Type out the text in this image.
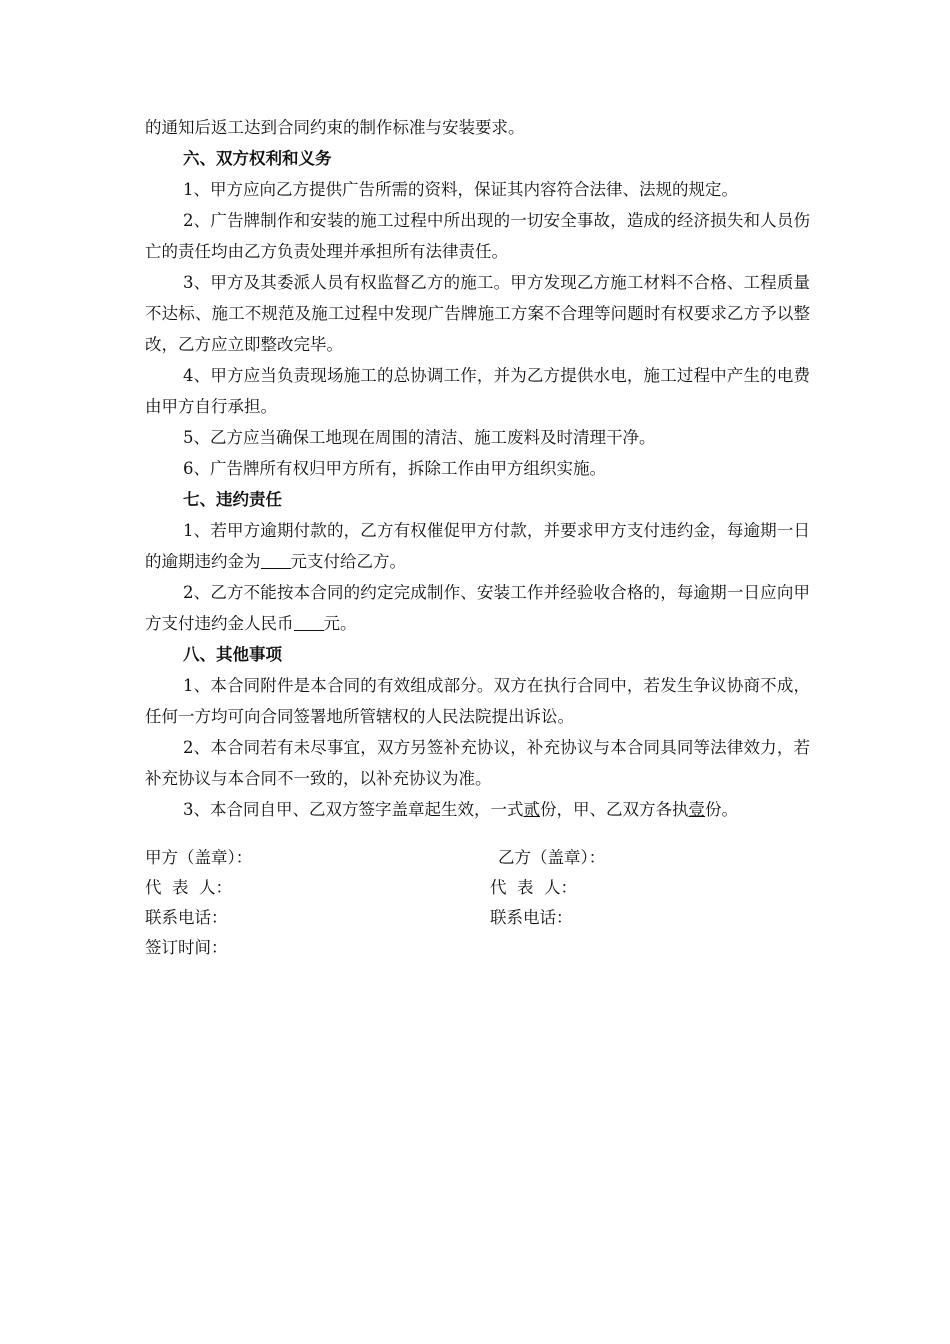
的通知后返工达到合同约束的制作标准与安装要求。

六、双方权利和义务

1、甲方应向乙方提供广告所需的资料，保证其内容符合法律、法规的规定。

2、广告牌制作和安装的施工过程中所出现的一切安全事故，造成的经济损失和人员伤亡的责任均由乙方负责处理并承担所有法律责任。

3、甲方及其委派人员有权监督乙方的施工。甲方发现乙方施工材料不合格、工程质量不达标、施工不规范及施工过程中发现广告牌施工方案不合理等问题时有权要求乙方予以整改，乙方应立即整改完毕。

4、甲方应当负责现场施工的总协调工作，并为乙方提供水电，施工过程中产生的电费由甲方自行承担。

5、乙方应当确保工地现在周围的清洁、施工废料及时清理干净。

6、广告牌所有权归甲方所有，拆除工作由甲方组织实施。

七、违约责任

1、若甲方逾期付款的，乙方有权催促甲方付款，并要求甲方支付违约金，每逾期一日的逾期违约金为 元支付给乙方。

2、乙方不能按本合同的约定完成制作、安装工作并经验收合格的，每逾期一日应向甲方支付违约金人民币 元。

八、其他事项

1、本合同附件是本合同的有效组成部分。双方在执行合同中，若发生争议协商不成，任何一方均可向合同签署地所管辖权的人民法院提出诉讼。

2、本合同若有未尽事宜，双方另签补充协议，补充协议与本合同具同等法律效力，若补充协议与本合同不一致的，以补充协议为准。

3、本合同自甲、乙双方签字盖章起生效，一式贰份，甲、乙双方各执壹份。

甲方（盖章）：	乙方（盖章）：
代  表  人：	代  表  人：
联系电话：	联系电话：
签订时间：
